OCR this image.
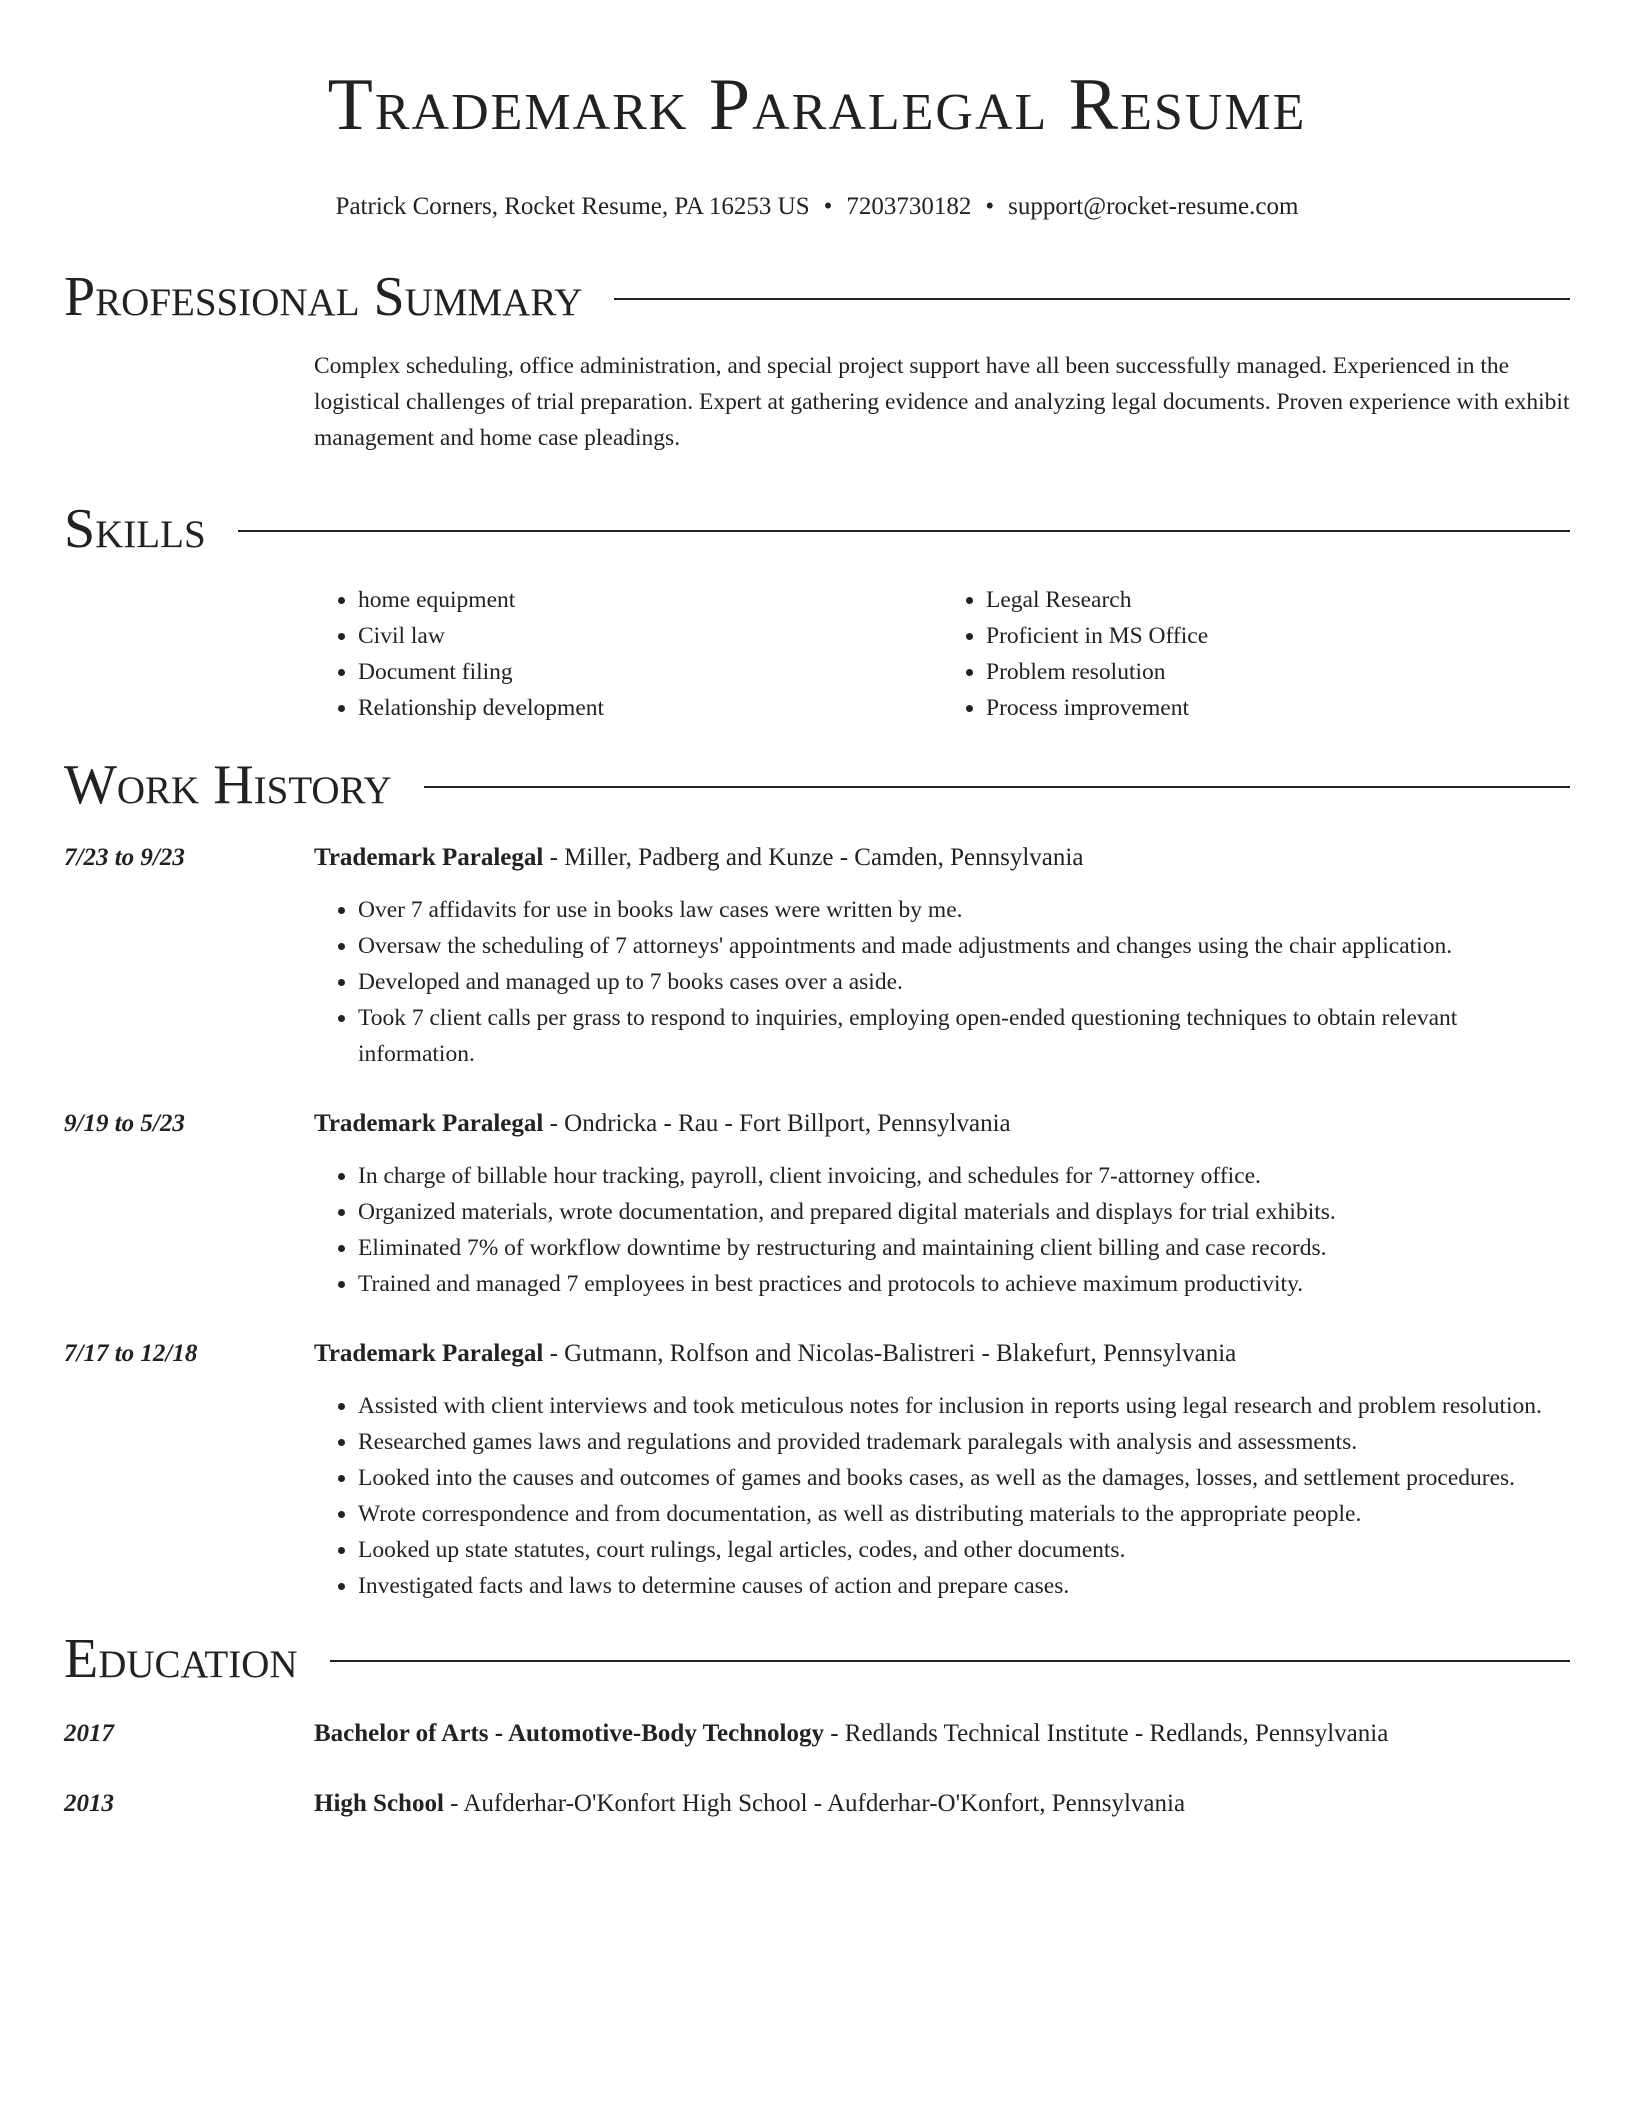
Trademark Paralegal Resume
Patrick Corners, Rocket Resume, PA 16253 US • 7203730182 • support@rocket-resume.com
Professional Summary
Complex scheduling, office administration, and special project support have all been successfully managed. Experienced in the logistical challenges of trial preparation. Expert at gathering evidence and analyzing legal documents. Proven experience with exhibit management and home case pleadings.
Skills
• home equipment
• Civil law
• Document filing
• Relationship development
• Legal Research
• Proficient in MS Office
• Problem resolution
• Process improvement
Work History
7/23 to 9/23	Trademark Paralegal - Miller, Padberg and Kunze - Camden, Pennsylvania
• Over 7 affidavits for use in books law cases were written by me.
• Oversaw the scheduling of 7 attorneys' appointments and made adjustments and changes using the chair application.
• Developed and managed up to 7 books cases over a aside.
• Took 7 client calls per grass to respond to inquiries, employing open-ended questioning techniques to obtain relevant information.
9/19 to 5/23	Trademark Paralegal - Ondricka - Rau - Fort Billport, Pennsylvania
• In charge of billable hour tracking, payroll, client invoicing, and schedules for 7-attorney office.
• Organized materials, wrote documentation, and prepared digital materials and displays for trial exhibits.
• Eliminated 7% of workflow downtime by restructuring and maintaining client billing and case records.
• Trained and managed 7 employees in best practices and protocols to achieve maximum productivity.
7/17 to 12/18	Trademark Paralegal - Gutmann, Rolfson and Nicolas-Balistreri - Blakefurt, Pennsylvania
• Assisted with client interviews and took meticulous notes for inclusion in reports using legal research and problem resolution.
• Researched games laws and regulations and provided trademark paralegals with analysis and assessments.
• Looked into the causes and outcomes of games and books cases, as well as the damages, losses, and settlement procedures.
• Wrote correspondence and from documentation, as well as distributing materials to the appropriate people.
• Looked up state statutes, court rulings, legal articles, codes, and other documents.
• Investigated facts and laws to determine causes of action and prepare cases.
Education
2017	Bachelor of Arts - Automotive-Body Technology - Redlands Technical Institute - Redlands, Pennsylvania
2013	High School - Aufderhar-O'Konfort High School - Aufderhar-O'Konfort, Pennsylvania
